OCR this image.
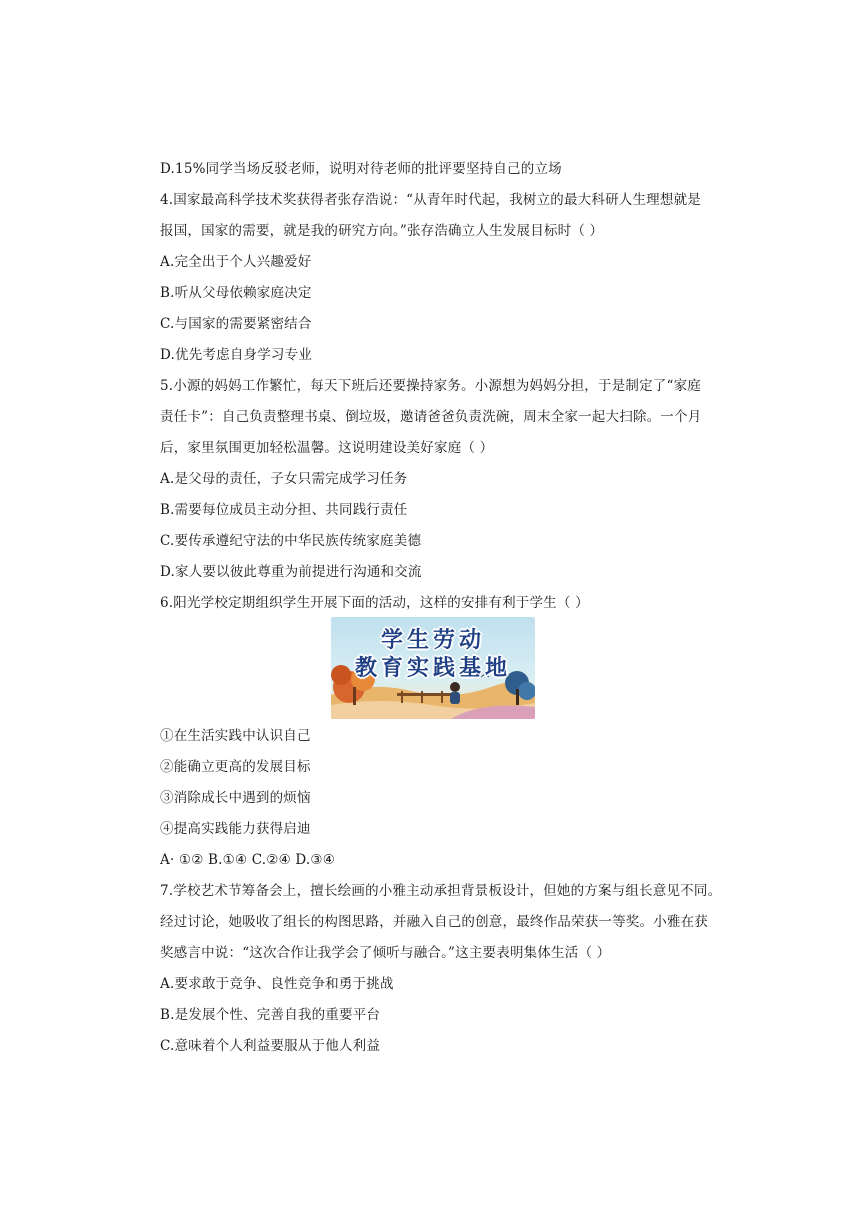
D.15%同学当场反驳老师，说明对待老师的批评要坚持自己的立场
4.国家最高科学技术奖获得者张存浩说：“从青年时代起，我树立的最大科研人生理想就是
报国，国家的需要，就是我的研究方向。”张存浩确立人生发展目标时（ ）
A.完全出于个人兴趣爱好
B.听从父母依赖家庭决定
C.与国家的需要紧密结合
D.优先考虑自身学习专业
5.小源的妈妈工作繁忙，每天下班后还要操持家务。小源想为妈妈分担，于是制定了“家庭
责任卡”：自己负责整理书桌、倒垃圾，邀请爸爸负责洗碗，周末全家一起大扫除。一个月
后，家里氛围更加轻松温馨。这说明建设美好家庭（ ）
A.是父母的责任，子女只需完成学习任务
B.需要每位成员主动分担、共同践行责任
C.要传承遵纪守法的中华民族传统家庭美德
D.家人要以彼此尊重为前提进行沟通和交流
6.阳光学校定期组织学生开展下面的活动，这样的安排有利于学生（ ）
学生劳动
教育实践基地
①在生活实践中认识自己
②能确立更高的发展目标
③消除成长中遇到的烦恼
④提高实践能力获得启迪
A· ①② B.①④ C.②④ D.③④
7.学校艺术节筹备会上，擅长绘画的小雅主动承担背景板设计，但她的方案与组长意见不同。
经过讨论，她吸收了组长的构图思路，并融入自己的创意，最终作品荣获一等奖。小雅在获
奖感言中说：“这次合作让我学会了倾听与融合。”这主要表明集体生活（ ）
A.要求敢于竞争、良性竞争和勇于挑战
B.是发展个性、完善自我的重要平台
C.意味着个人利益要服从于他人利益
